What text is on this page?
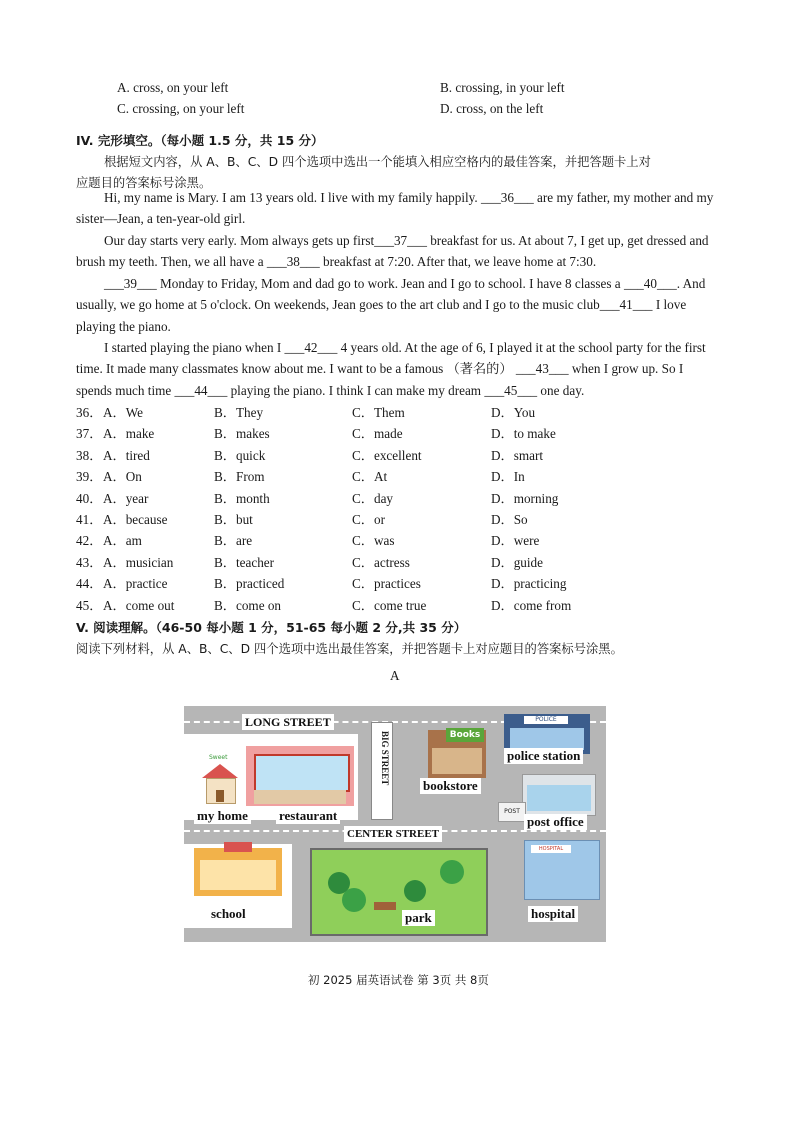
A. cross, on your left	B. crossing, in your left
C. crossing, on your left	D. cross, on the left
IV. 完形填空。（每小题 1.5 分，共 15 分）
根据短文内容，从 A、B、C、D 四个选项中选出一个能填入相应空格内的最佳答案，并把答题卡上对
应题目的答案标号涂黑。
Hi, my name is Mary. I am 13 years old. I live with my family happily. ___36___ are my father, my mother and my sister—Jean, a ten-year-old girl.
Our day starts very early. Mom always gets up first___37___ breakfast for us. At about 7, I get up, get dressed and brush my teeth. Then, we all have a ___38___ breakfast at 7:20. After that, we leave home at 7:30.
___39___ Monday to Friday, Mom and dad go to work. Jean and I go to school. I have 8 classes a ___40___. And usually, we go home at 5 o'clock. On weekends, Jean goes to the art club and I go to the music club___41___ I love playing the piano.
I started playing the piano when I ___42___ 4 years old. At the age of 6, I played it at the school party for the first time. It made many classmates know about me. I want to be a famous （著名的） ___43___ when I grow up. So I spends much time ___44___ playing the piano. I think I can make my dream ___45___ one day.
36． A．We	B．They	C．Them	D．You
37． A．make	B．makes	C．made	D．to make
38． A．tired	B．quick	C．excellent	D．smart
39． A．On	B．From	C．At	D．In
40． A．year	B．month	C．day	D．morning
41． A．because	B．but	C．or	D．So
42． A．am	B．are	C．was	D．were
43． A．musician	B．teacher	C．actress	D．guide
44． A．practice	B．practiced	C．practices	D．practicing
45． A．come out	B．come on	C．come true	D．come from
V. 阅读理解。（46-50 每小题 1 分，51-65 每小题 2 分,共 35 分）
阅读下列材料，从 A、B、C、D 四个选项中选出最佳答案，并把答题卡上对应题目的答案标号涂黑。
A
Sweet
my home restaurant
LONG STREET
BIG STREET	Books
bookstore
POLICE
police station
POST
post office
CENTER STREET
school	park
HOSPITAL
hospital
初 2025 届英语试卷 第 3页 共 8页
